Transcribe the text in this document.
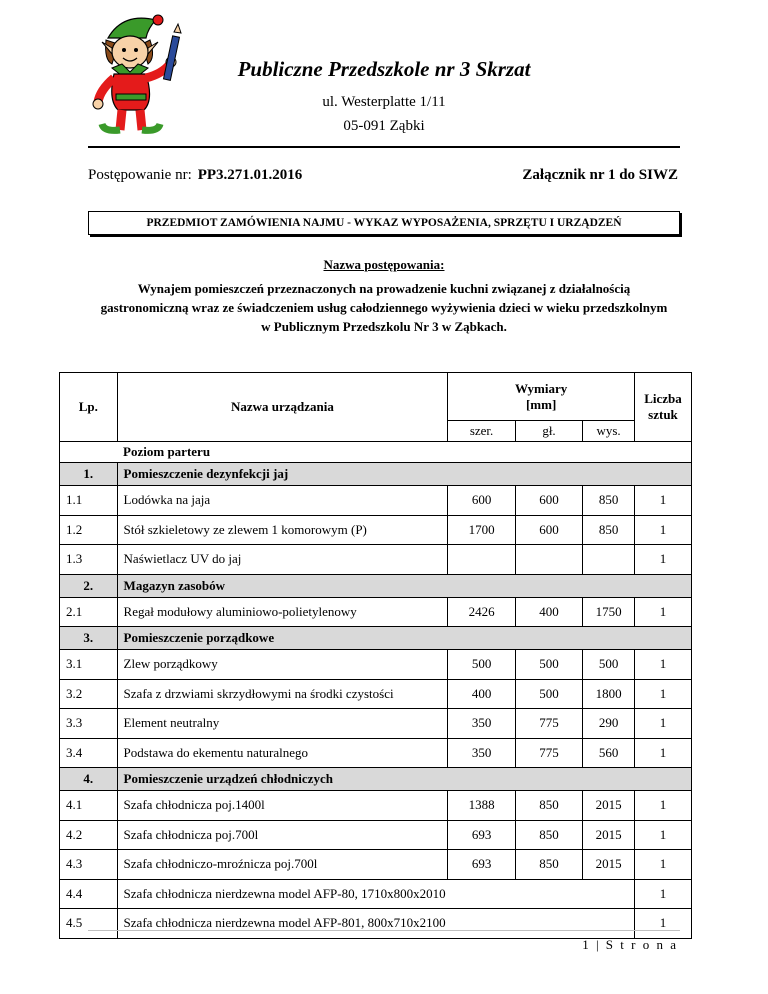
Publiczne Przedszkole nr 3 Skrzat
ul. Westerplatte 1/11
05-091 Ząbki
Postępowanie nr: PP3.271.01.2016	Załącznik nr 1 do SIWZ
PRZEDMIOT ZAMÓWIENIA NAJMU - WYKAZ WYPOSAŻENIA, SPRZĘTU I URZĄDZEŃ
Nazwa postępowania:
Wynajem pomieszczeń przeznaczonych na prowadzenie kuchni związanej z działalnością gastronomiczną wraz ze świadczeniem usług całodziennego wyżywienia dzieci w wieku przedszkolnym w Publicznym Przedszkolu Nr 3 w Ząbkach.
Lp.	Nazwa urządzania	Wymiary [mm]			Liczba sztuk
		szer.	gł.	wys.	
	Poziom parteru				
1.	Pomieszczenie dezynfekcji jaj				
1.1	Lodówka na jaja	600	600	850	1
1.2	Stół szkieletowy ze zlewem 1 komorowym (P)	1700	600	850	1
1.3	Naświetlacz UV do jaj				1
2.	Magazyn zasobów				
2.1	Regał modułowy aluminiowo-polietylenowy	2426	400	1750	1
3.	Pomieszczenie porządkowe				
3.1	Zlew porządkowy	500	500	500	1
3.2	Szafa z drzwiami skrzydłowymi na środki czystości	400	500	1800	1
3.3	Element neutralny	350	775	290	1
3.4	Podstawa do ekementu naturalnego	350	775	560	1
4.	Pomieszczenie urządzeń chłodniczych				
4.1	Szafa chłodnicza poj.1400l	1388	850	2015	1
4.2	Szafa chłodnicza poj.700l	693	850	2015	1
4.3	Szafa chłodniczo-mroźnicza poj.700l	693	850	2015	1
4.4	Szafa chłodnicza nierdzewna model AFP-80, 1710x800x2010				1
4.5	Szafa chłodnicza nierdzewna model AFP-801, 800x710x2100				1
1 | S t r o n a
